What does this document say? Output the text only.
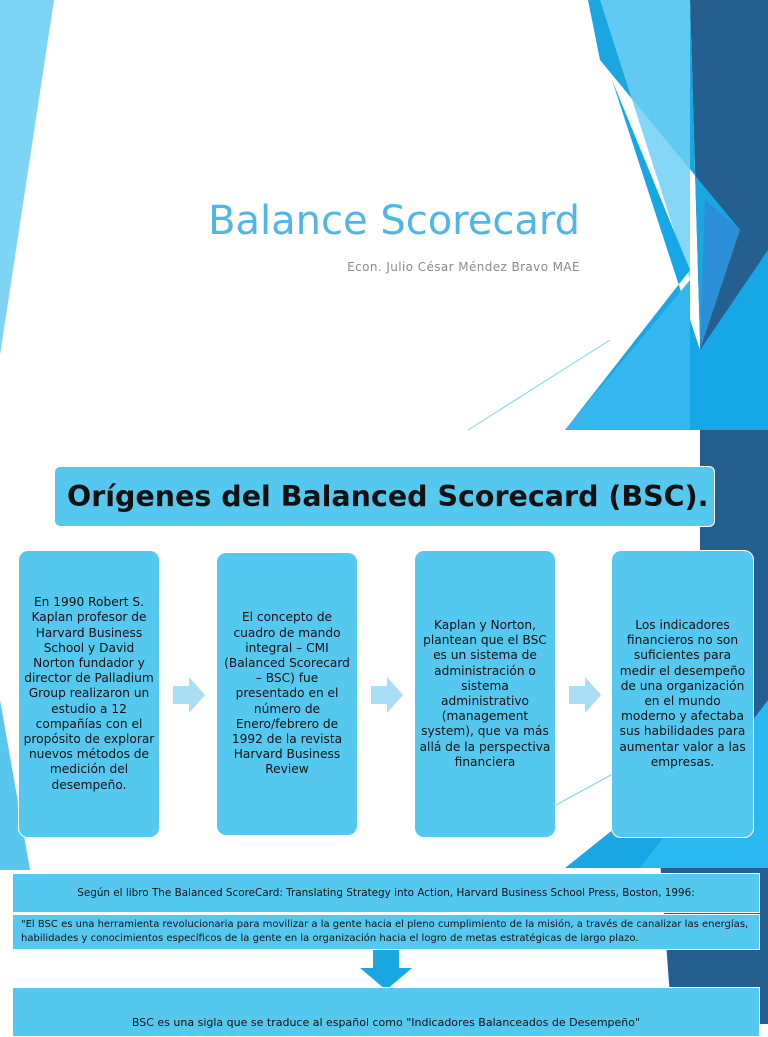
Balance Scorecard
Econ. Julio César Méndez Bravo MAE
Orígenes del Balanced Scorecard (BSC).
En 1990 Robert S. Kaplan profesor de Harvard Business School y David Norton fundador y director de Palladium Group realizaron un estudio a 12 compañías con el propósito de explorar nuevos métodos de medición del desempeño.
El concepto de cuadro de mando integral – CMI (Balanced Scorecard – BSC) fue presentado en el número de Enero/febrero de 1992 de la revista Harvard Business Review
Kaplan y Norton, plantean que el BSC es un sistema de administración o sistema administrativo (management system), que va más allá de la perspectiva financiera
Los indicadores financieros no son suficientes para medir el desempeño de una organización en el mundo moderno y afectaba sus habilidades para aumentar valor a las empresas.
Según el libro The Balanced ScoreCard: Translating Strategy into Action, Harvard Business School Press, Boston, 1996:
"El BSC es una herramienta revolucionaria para movilizar a la gente hacia el pleno cumplimiento de la misión, a través de canalizar las energías, habilidades y conocimientos específicos de la gente en la organización hacia el logro de metas estratégicas de largo plazo.
BSC es una sigla que se traduce al español como "Indicadores Balanceados de Desempeño"
